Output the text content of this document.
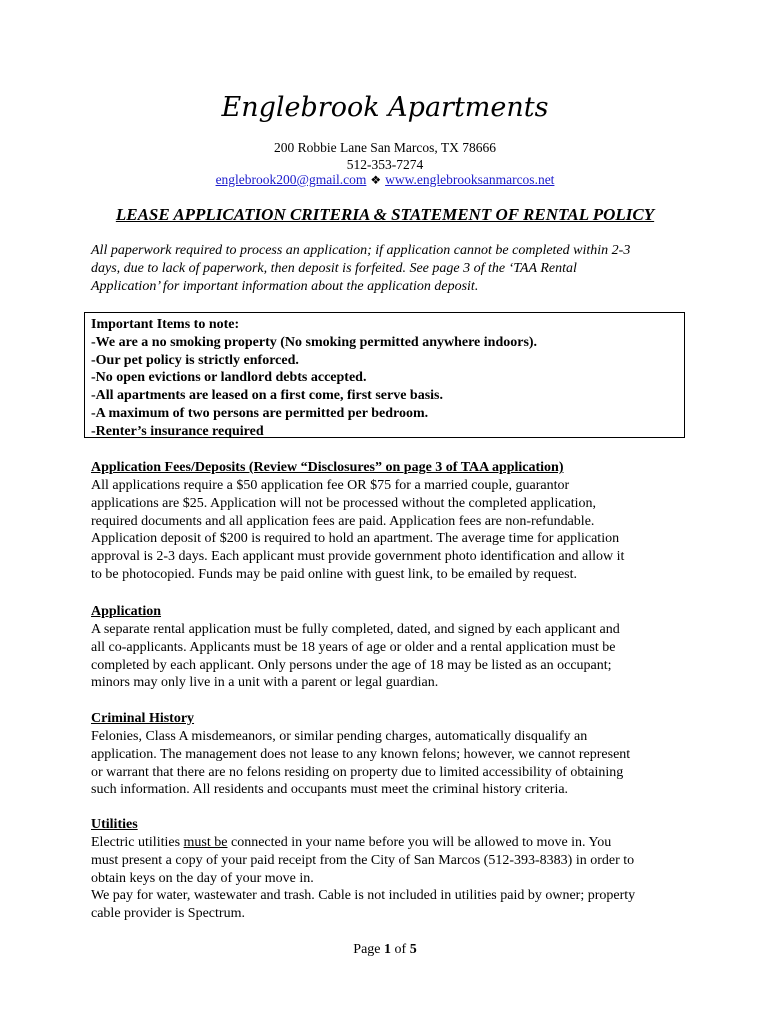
Englebrook Apartments
200 Robbie Lane San Marcos, TX 78666
512-353-7274
englebrook200@gmail.com ❖ www.englebrooksanmarcos.net
LEASE APPLICATION CRITERIA & STATEMENT OF RENTAL POLICY
All paperwork required to process an application; if application cannot be completed within 2-3
days, due to lack of paperwork, then deposit is forfeited. See page 3 of the ‘TAA Rental
Application’ for important information about the application deposit.
Important Items to note:
-We are a no smoking property (No smoking permitted anywhere indoors).
-Our pet policy is strictly enforced.
-No open evictions or landlord debts accepted.
-All apartments are leased on a first come, first serve basis.
-A maximum of two persons are permitted per bedroom.
-Renter’s insurance required
Application Fees/Deposits (Review “Disclosures” on page 3 of TAA application)
All applications require a $50 application fee OR $75 for a married couple, guarantor
applications are $25. Application will not be processed without the completed application,
required documents and all application fees are paid. Application fees are non-refundable.
Application deposit of $200 is required to hold an apartment. The average time for application
approval is 2-3 days. Each applicant must provide government photo identification and allow it
to be photocopied. Funds may be paid online with guest link, to be emailed by request.
Application
A separate rental application must be fully completed, dated, and signed by each applicant and
all co-applicants. Applicants must be 18 years of age or older and a rental application must be
completed by each applicant. Only persons under the age of 18 may be listed as an occupant;
minors may only live in a unit with a parent or legal guardian.
Criminal History
Felonies, Class A misdemeanors, or similar pending charges, automatically disqualify an
application. The management does not lease to any known felons; however, we cannot represent
or warrant that there are no felons residing on property due to limited accessibility of obtaining
such information. All residents and occupants must meet the criminal history criteria.
Utilities
Electric utilities must be connected in your name before you will be allowed to move in. You
must present a copy of your paid receipt from the City of San Marcos (512-393-8383) in order to
obtain keys on the day of your move in.
We pay for water, wastewater and trash. Cable is not included in utilities paid by owner; property
cable provider is Spectrum.
Page 1 of 5
